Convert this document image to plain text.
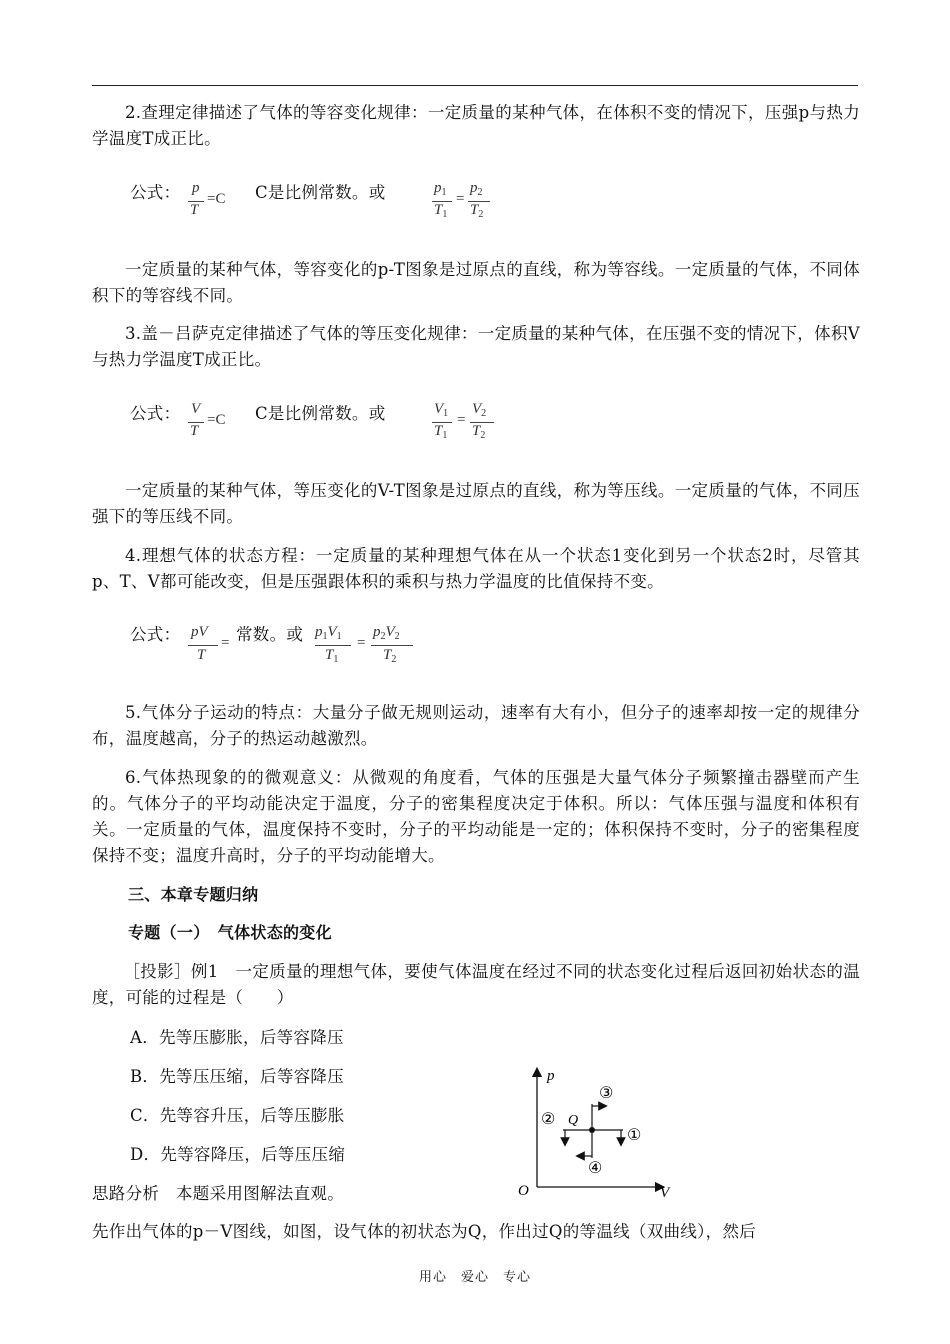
2.查理定律描述了气体的等容变化规律：一定质量的某种气体，在体积不变的情况下，压强p与热力学温度T成正比。
公式： p
T
=C C是比例常数。或	$p_1$
$T_1$
=
$p_2$
$T_2$
一定质量的某种气体，等容变化的p-T图象是过原点的直线，称为等容线。一定质量的气体，不同体积下的等容线不同。
3.盖－吕萨克定律描述了气体的等压变化规律：一定质量的某种气体，在压强不变的情况下，体积V与热力学温度T成正比。
公式： V
T
=C C是比例常数。或	$V_1$
$T_1$
=
$V_2$
$T_2$
一定质量的某种气体，等压变化的V-T图象是过原点的直线，称为等压线。一定质量的气体，不同压强下的等压线不同。
4.理想气体的状态方程：一定质量的某种理想气体在从一个状态1变化到另一个状态2时，尽管其p、T、V都可能改变，但是压强跟体积的乘积与热力学温度的比值保持不变。
公式： pV
T
= 常数。或 $p_1V_1$
$T_1$
=
$p_2V_2$
$T_2$
5.气体分子运动的特点：大量分子做无规则运动，速率有大有小，但分子的速率却按一定的规律分布，温度越高，分子的热运动越激烈。
6.气体热现象的的微观意义：从微观的角度看，气体的压强是大量气体分子频繁撞击器壁而产生的。气体分子的平均动能决定于温度，分子的密集程度决定于体积。所以：气体压强与温度和体积有关。一定质量的气体，温度保持不变时，分子的平均动能是一定的；体积保持不变时，分子的密集程度保持不变；温度升高时，分子的平均动能增大。
三、本章专题归纳
专题（一）　气体状态的变化
［投影］例1　一定质量的理想气体，要使气体温度在经过不同的状态变化过程后返回初始状态的温度，可能的过程是（　　）
A．先等压膨胀，后等容降压
B．先等压压缩，后等容降压
C．先等容升压，后等压膨胀
D．先等容降压，后等压压缩
p
V
O
Q
①
②
③
④
思路分析　本题采用图解法直观。
先作出气体的p－V图线，如图，设气体的初状态为Q，作出过Q的等温线（双曲线），然后
用心　爱心　专心
